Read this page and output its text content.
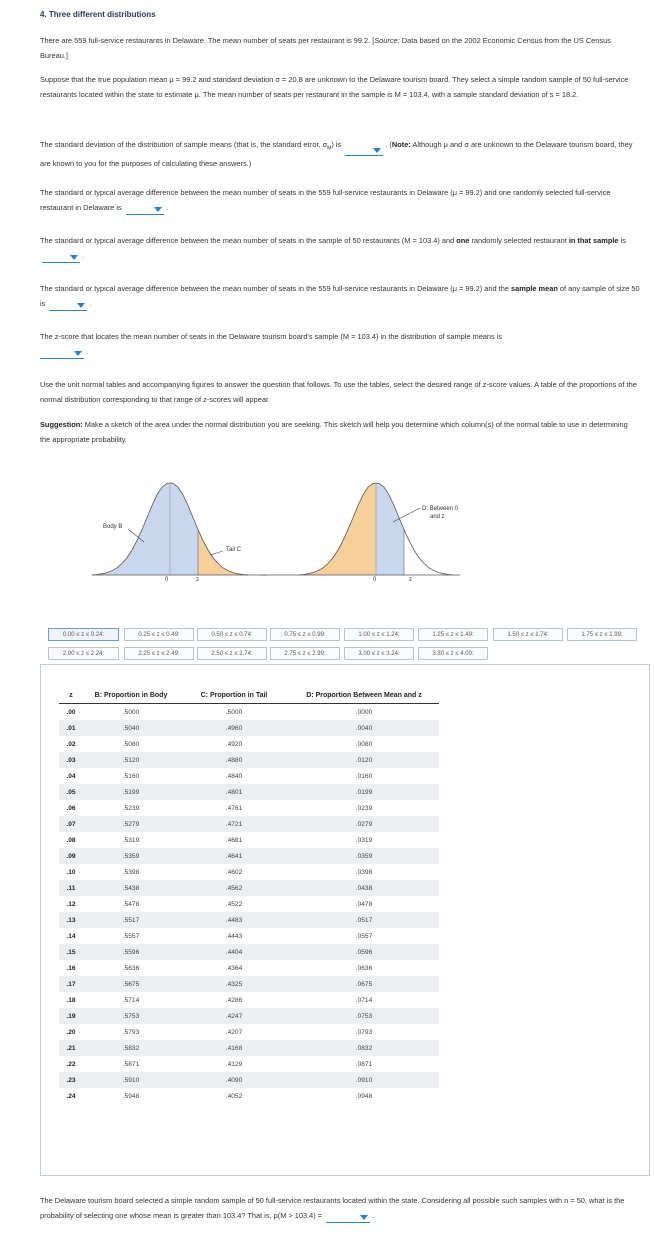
4. Three different distributions
There are 559 full-service restaurants in Delaware. The mean number of seats per restaurant is 99.2. [Source: Data based on the 2002 Economic Census from the US Census Bureau.]
Suppose that the true population mean μ = 99.2 and standard deviation σ = 20.8 are unknown to the Delaware tourism board. They select a simple random sample of 50 full-service restaurants located within the state to estimate μ. The mean number of seats per restaurant in the sample is M = 103.4, with a sample standard deviation of s = 18.2.
The standard deviation of the distribution of sample means (that is, the standard error, $\sigma_M$) is	. (Note: Although μ and σ are unknown to the Delaware tourism board, they are known to you for the purposes of calculating these answers.)
The standard or typical average difference between the mean number of seats in the 559 full-service restaurants in Delaware (μ = 99.2) and one randomly selected full-service restaurant in Delaware is	.
The standard or typical average difference between the mean number of seats in the sample of 50 restaurants (M = 103.4) and one randomly selected restaurant in that sample is
.
The standard or typical average difference between the mean number of seats in the 559 full-service restaurants in Delaware (μ = 99.2) and the sample mean of any sample of size 50 is	.
The z-score that locates the mean number of seats in the Delaware tourism board's sample (M = 103.4) in the distribution of sample means is

.
Use the unit normal tables and accompanying figures to answer the question that follows. To use the tables, select the desired range of z-score values. A table of the proportions of the normal distribution corresponding to that range of z-scores will appear.
Suggestion: Make a sketch of the area under the normal distribution you are seeking. This sketch will help you determine which column(s) of the normal table to use in determining the appropriate probability.
Body B
Tail C
0	z
D: Between 0
and z
0	z
0.00 ≤ z ≤ 0.24:	0.25 ≤ z ≤ 0.49:	0.50 ≤ z ≤ 0.74:	0.75 ≤ z ≤ 0.99:	1.00 ≤ z ≤ 1.24:	1.25 ≤ z ≤ 1.49:	1.50 ≤ z ≤ 1.74:	1.75 ≤ z ≤ 1.99:
2.00 ≤ z ≤ 2.24:	2.25 ≤ z ≤ 2.49:	2.50 ≤ z ≤ 2.74:	2.75 ≤ z ≤ 2.99:	3.00 ≤ z ≤ 3.24:	3.30 ≤ z ≤ 4.00:
z	B: Proportion in Body	C: Proportion in Tail	D: Proportion Between Mean and z
.00	.5000	.5000	.0000
.01	.5040	.4960	.0040
.02	.5080	.4920	.0080
.03	.5120	.4880	.0120
.04	.5160	.4840	.0160
.05	.5199	.4801	.0199
.06	.5239	.4761	.0239
.07	.5279	.4721	.0279
.08	.5319	.4681	.0319
.09	.5359	.4641	.0359
.10	.5398	.4602	.0398
.11	.5438	.4562	.0438
.12	.5478	.4522	.0478
.13	.5517	.4483	.0517
.14	.5557	.4443	.0557
.15	.5596	.4404	.0596
.16	.5636	.4364	.0636
.17	.5675	.4325	.0675
.18	.5714	.4286	.0714
.19	.5753	.4247	.0753
.20	.5793	.4207	.0793
.21	.5832	.4168	.0832
.22	.5871	.4129	.0871
.23	.5910	.4090	.0910
.24	.5948	.4052	.0948
The Delaware tourism board selected a simple random sample of 50 full-service restaurants located within the state. Considering all possible such samples with n = 50, what is the probability of selecting one whose mean is greater than 103.4? That is, p(M > 103.4) =	.
